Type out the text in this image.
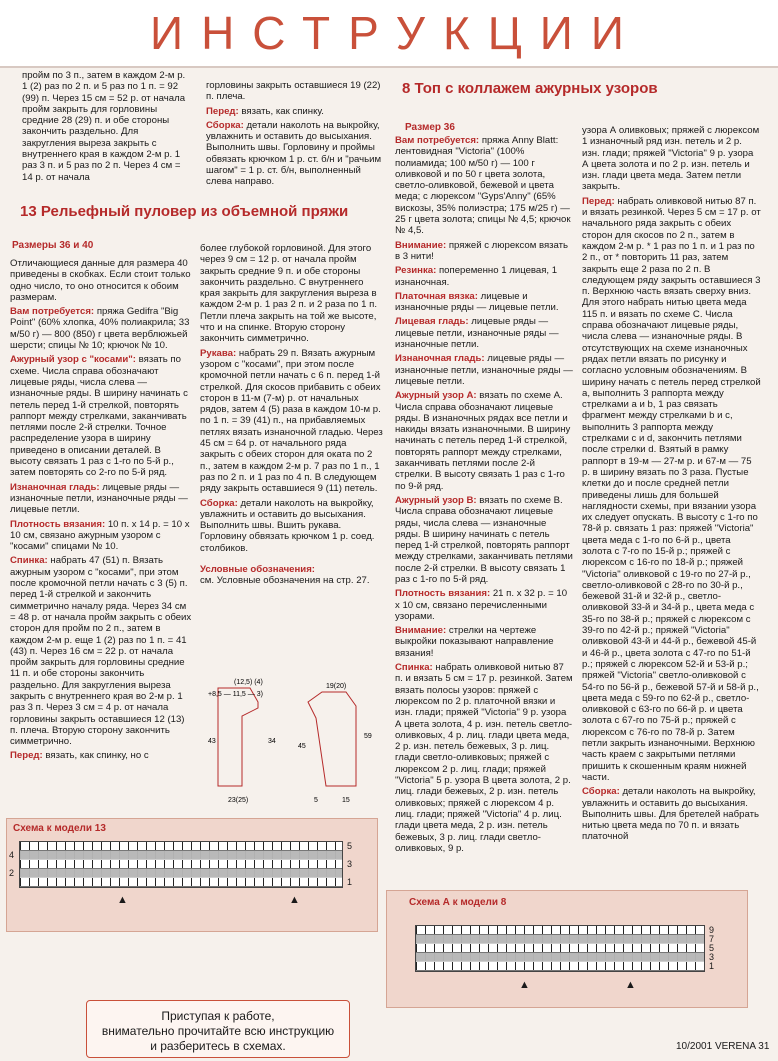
ИНСТРУКЦИИ

пройм по 3 п., затем в каждом 2-м р. 1 (2) раз по 2 п. и 5 раз по 1 п. = 92 (99) п. Через 15 см = 52 р. от начала пройм закрыть для горловины средние 28 (29) п. и обе стороны закончить раздельно. Для закругления выреза закрыть с внутреннего края в каждом 2-м р. 1 раз 3 п. и 5 раз по 2 п. Через 4 см = 14 р. от начала

горловины закрыть оставшиеся 19 (22) п. плеча.

Перед: вязать, как спинку.

Сборка: детали наколоть на выкройку, увлажнить и оставить до высыхания. Выполнить швы. Горловину и проймы обвязать крючком 1 р. ст. б/н и "рачьим шагом" = 1 р. ст. б/н, выполненный слева направо.

13 Рельефный пуловер из объемной пряжи
Размеры 36 и 40

Отличающиеся данные для размера 40 приведены в скобках. Если стоит только одно число, то оно относится к обоим размерам.

Вам потребуется: пряжа Gedifra "Big Point" (60% хлопка, 40% полиакрила; 33 м/50 г) — 800 (850) г цвета верблюжьей шерсти; спицы № 10; крючок № 10.

Ажурный узор с "косами": вязать по схеме. Числа справа обозначают лицевые ряды, числа слева — изнаночные ряды. В ширину начинать с петель перед 1-й стрелкой, повторять раппорт между стрелками, заканчивать петлями после 2-й стрелки. Точное распределение узора в ширину приведено в описании деталей. В высоту связать 1 раз с 1-го по 5-й р., затем повторять со 2-го по 5-й ряд.

Изнаночная гладь: лицевые ряды — изнаночные петли, изнаночные ряды — лицевые петли.

Плотность вязания: 10 п. х 14 р. = 10 х 10 см, связано ажурным узором с "косами" спицами № 10.

Спинка: набрать 47 (51) п. Вязать ажурным узором с "косами", при этом после кромочной петли начать с 3 (5) п. перед 1-й стрелкой и закончить симметрично началу ряда. Через 34 см = 48 р. от начала пройм закрыть с обеих сторон для пройм по 2 п., затем в каждом 2-м р. еще 1 (2) раз по 1 п. = 41 (43) п. Через 16 см = 22 р. от начала пройм закрыть для горловины средние 11 п. и обе стороны закончить раздельно. Для закругления выреза закрыть с внутреннего края во 2-м р. 1 раз 3 п. Через 3 см = 4 р. от начала горловины закрыть оставшиеся 12 (13) п. плеча. Вторую сторону закончить симметрично.

Перед: вязать, как спинку, но с

более глубокой горловиной. Для этого через 9 см = 12 р. от начала пройм закрыть средние 9 п. и обе стороны закончить раздельно. С внутреннего края закрыть для закругления выреза в каждом 2-м р. 1 раз 2 п. и 2 раза по 1 п. Петли плеча закрыть на той же высоте, что и на спинке. Вторую сторону закончить симметрично.

Рукава: набрать 29 п. Вязать ажурным узором с "косами", при этом после кромочной петли начать с 6 п. перед 1-й стрелкой. Для скосов прибавить с обеих сторон в 11-м (7-м) р. от начальных рядов, затем 4 (5) раза в каждом 10-м р. по 1 п. = 39 (41) п., на прибавляемых петлях вязать изнаночной гладью. Через 45 см = 64 р. от начального ряда закрыть с обеих сторон для оката по 2 п., затем в каждом 2-м р. 7 раз по 1 п., 1 раз по 2 п. и 1 раз по 4 п. В следующем ряду закрыть оставшиеся 9 (11) петель.

Сборка: детали наколоть на выкройку, увлажнить и оставить до высыхания. Выполнить швы. Вшить рукава. Горловину обвязать крючком 1 р. соед. столбиков.

Условные обозначения:
см. Условные обозначения на стр. 27.

(12,5) (4)
+8,5 — 11,5 — 3)
43	34
23(25)
19(20)
45
59
5	15
Схема к модели 13
5
3
1
4
2
▲	▲
Приступая к работе,
внимательно прочитайте всю инструкцию
и разберитесь в схемах.
8 Топ с коллажем ажурных узоров
Размер 36

Вам потребуется: пряжа Anny Blatt: лентовидная "Victoria" (100% полиамида; 100 м/50 г) — 100 г оливковой и по 50 г цвета золота, светло-оливковой, бежевой и цвета меда; с люрексом "Gyps'Anny" (65% вискозы, 35% полиэстра; 175 м/25 г) — 25 г цвета золота; спицы № 4,5; крючок № 4,5.

Внимание: пряжей с люрексом вязать в 3 нити!

Резинка: попеременно 1 лицевая, 1 изнаночная.

Платочная вязка: лицевые и изнаночные ряды — лицевые петли.

Лицевая гладь: лицевые ряды — лицевые петли, изнаночные ряды — изнаночные петли.

Изнаночная гладь: лицевые ряды — изнаночные петли, изнаночные ряды — лицевые петли.

Ажурный узор А: вязать по схеме А. Числа справа обозначают лицевые ряды. В изнаночных рядах все петли и накиды вязать изнаночными. В ширину начинать с петель перед 1-й стрелкой, повторять раппорт между стрелками, заканчивать петлями после 2-й стрелки. В высоту связать 1 раз с 1-го по 9-й ряд.

Ажурный узор В: вязать по схеме В. Числа справа обозначают лицевые ряды, числа слева — изнаночные ряды. В ширину начинать с петель перед 1-й стрелкой, повторять раппорт между стрелками, заканчивать петлями после 2-й стрелки. В высоту связать 1 раз с 1-го по 5-й ряд.

Плотность вязания: 21 п. х 32 р. = 10 х 10 см, связано перечисленными узорами.

Внимание: стрелки на чертеже выкройки показывают направление вязания!

Спинка: набрать оливковой нитью 87 п. и вязать 5 см = 17 р. резинкой. Затем вязать полосы узоров: пряжей с люрексом по 2 р. платочной вязки и изн. глади; пряжей "Victoria" 9 р. узора А цвета золота, 4 р. изн. петель светло-оливковых, 4 р. лиц. глади цвета меда, 2 р. изн. петель бежевых, 3 р. лиц. глади светло-оливковых; пряжей с люрексом 2 р. лиц. глади; пряжей "Victoria" 5 р. узора В цвета золота, 2 р. лиц. глади бежевых, 2 р. изн. петель оливковых; пряжей с люрексом 4 р. лиц. глади; пряжей "Victoria" 4 р. лиц. глади цвета меда, 2 р. изн. петель бежевых, 3 р. лиц. глади светло-оливковых, 9 р.

узора А оливковых; пряжей с люрексом 1 изнаночный ряд изн. петель и 2 р. изн. глади; пряжей "Victoria" 9 р. узора А цвета золота и по 2 р. изн. петель и изн. глади цвета меда. Затем петли закрыть.

Перед: набрать оливковой нитью 87 п. и вязать резинкой. Через 5 см = 17 р. от начального ряда закрыть с обеих сторон для скосов по 2 п., затем в каждом 2-м р. * 1 раз по 1 п. и 1 раз по 2 п., от * повторить 11 раз, затем закрыть еще 2 раза по 2 п. В следующем ряду закрыть оставшиеся 3 п. Верхнюю часть вязать сверху вниз. Для этого набрать нитью цвета меда 115 п. и вязать по схеме С. Числа справа обозначают лицевые ряды, числа слева — изнаночные ряды. В отсутствующих на схеме изнаночных рядах петли вязать по рисунку и согласно условным обозначениям. В ширину начать с петель перед стрелкой а, выполнить 3 раппорта между стрелками а и b, 1 раз связать фрагмент между стрелками b и c, выполнить 3 раппорта между стрелками c и d, закончить петлями после стрелки d. Взятый в рамку раппорт в 19-м — 27-м р. и 67-м — 75 р. в ширину вязать по 3 раза. Пустые клетки до и после средней петли приведены лишь для большей наглядности схемы, при вязании узора их следует опускать. В высоту с 1-го по 78-й р. связать 1 раз: пряжей "Victoria" цвета меда с 1-го по 6-й р., цвета золота с 7-го по 15-й р.; пряжей с люрексом с 16-го по 18-й р.; пряжей "Victoria" оливковой с 19-го по 27-й р., светло-оливковой с 28-го по 30-й р., бежевой 31-й и 32-й р., светло-оливковой 33-й и 34-й р., цвета меда с 35-го по 38-й р.; пряжей с люрексом с 39-го по 42-й р.; пряжей "Victoria" оливковой 43-й и 44-й р., бежевой 45-й и 46-й р., цвета золота с 47-го по 51-й р.; пряжей с люрексом 52-й и 53-й р.; пряжей "Victoria" светло-оливковой с 54-го по 56-й р., бежевой 57-й и 58-й р., цвета меда с 59-го по 62-й р., светло-оливковой с 63-го по 66-й р. и цвета золота с 67-го по 75-й р.; пряжей с люрексом с 76-го по 78-й р. Затем петли закрыть изнаночными. Верхнюю часть краем с закрытыми петлями пришить к скошенным краям нижней части.

Сборка: детали наколоть на выкройку, увлажнить и оставить до высыхания. Выполнить швы. Для бретелей набрать нитью цвета меда по 70 п. и вязать платочной

Схема А к модели 8
9
7
5
3
1
▲	▲
10/2001 VERENA 31
